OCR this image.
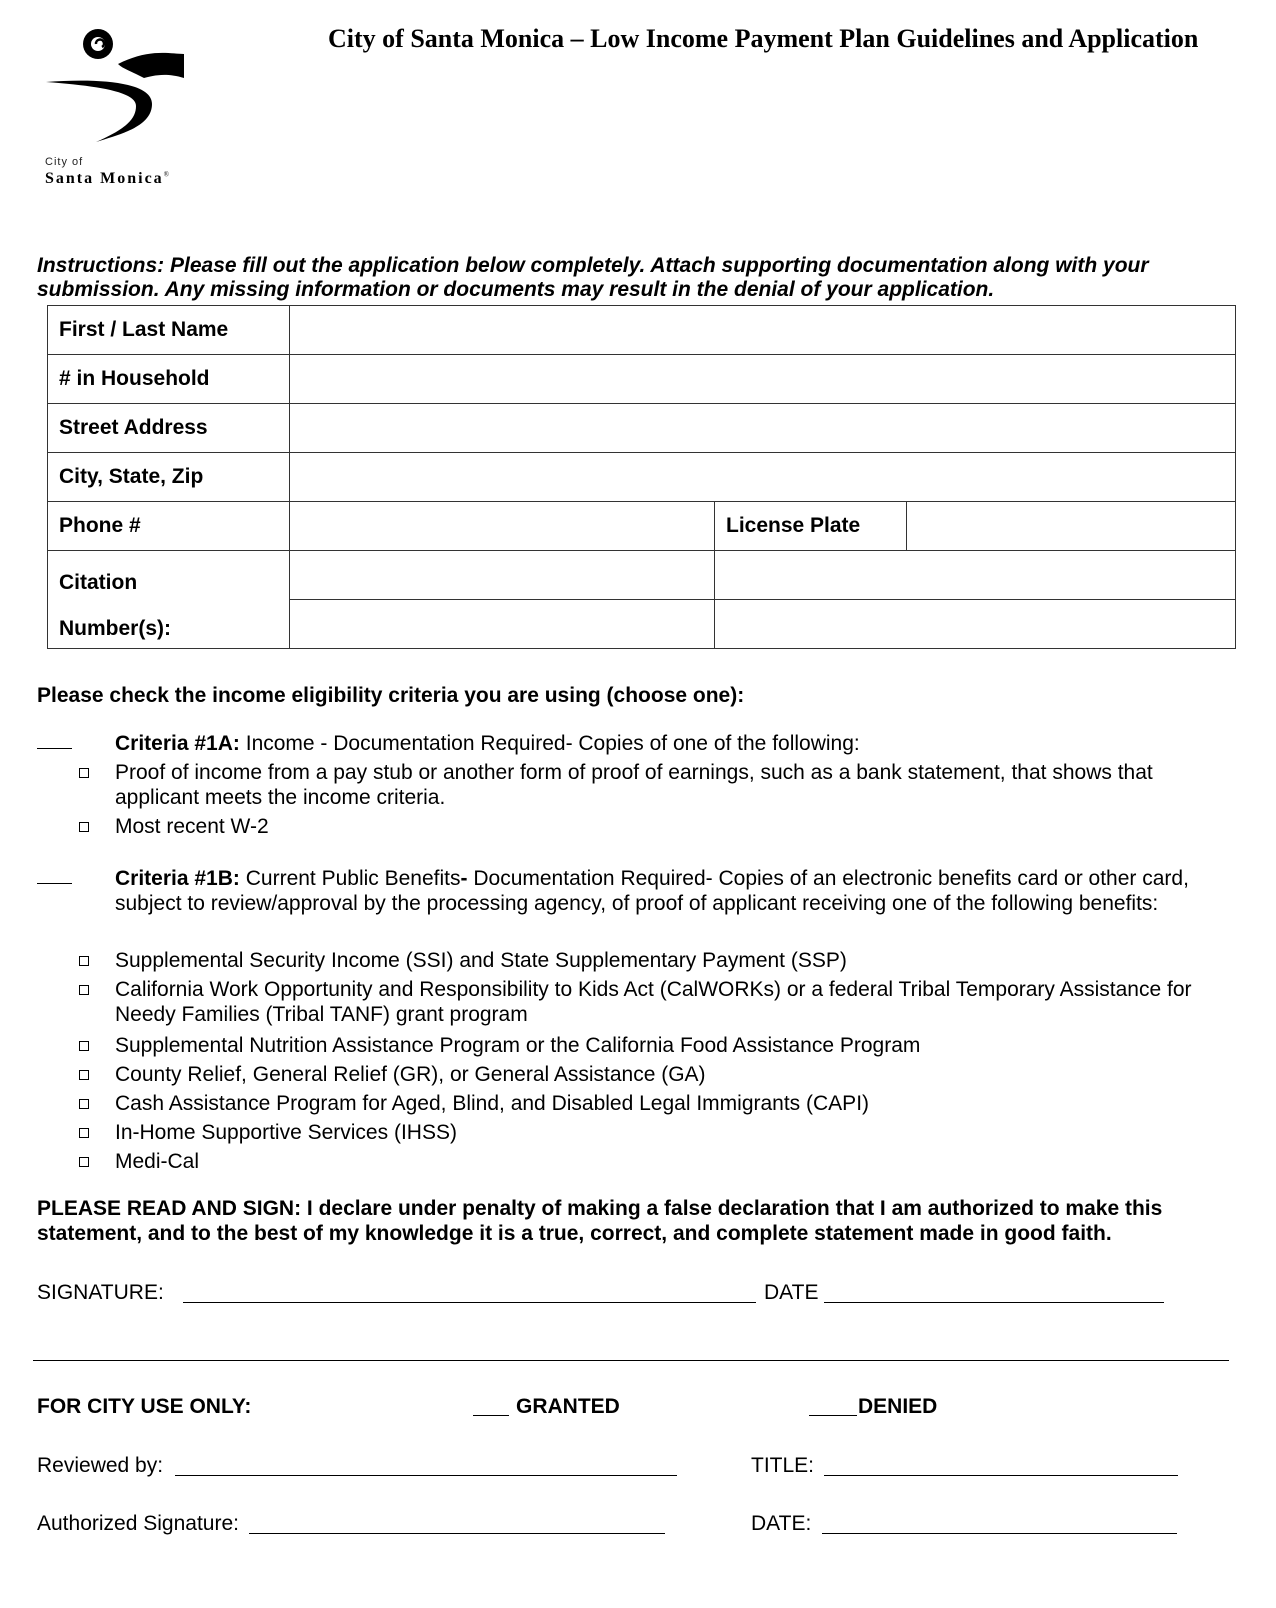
City of
Santa Monica®
City of Santa Monica – Low Income Payment Plan Guidelines and Application
Instructions: Please fill out the application below completely. Attach supporting documentation along with your submission. Any missing information or documents may result in the denial of your application.
First / Last Name			
# in Household			
Street Address			
City, State, Zip			
Phone #		License Plate	

Citation
Number(s):			

Please check the income eligibility criteria you are using (choose one):
Criteria #1A: Income - Documentation Required- Copies of one of the following:
Proof of income from a pay stub or another form of proof of earnings, such as a bank statement, that shows that applicant meets the income criteria.
Most recent W-2
Criteria #1B: Current Public Benefits- Documentation Required- Copies of an electronic benefits card or other card, subject to review/approval by the processing agency, of proof of applicant receiving one of the following benefits:
Supplemental Security Income (SSI) and State Supplementary Payment (SSP)
California Work Opportunity and Responsibility to Kids Act (CalWORKs) or a federal Tribal Temporary Assistance for Needy Families (Tribal TANF) grant program
Supplemental Nutrition Assistance Program or the California Food Assistance Program
County Relief, General Relief (GR), or General Assistance (GA)
Cash Assistance Program for Aged, Blind, and Disabled Legal Immigrants (CAPI)
In-Home Supportive Services (IHSS)
Medi-Cal
PLEASE READ AND SIGN: I declare under penalty of making a false declaration that I am authorized to make this statement, and to the best of my knowledge it is a true, correct, and complete statement made in good faith.
SIGNATURE:	DATE
FOR CITY USE ONLY:	GRANTED	DENIED
Reviewed by:	TITLE:
Authorized Signature:	DATE:
